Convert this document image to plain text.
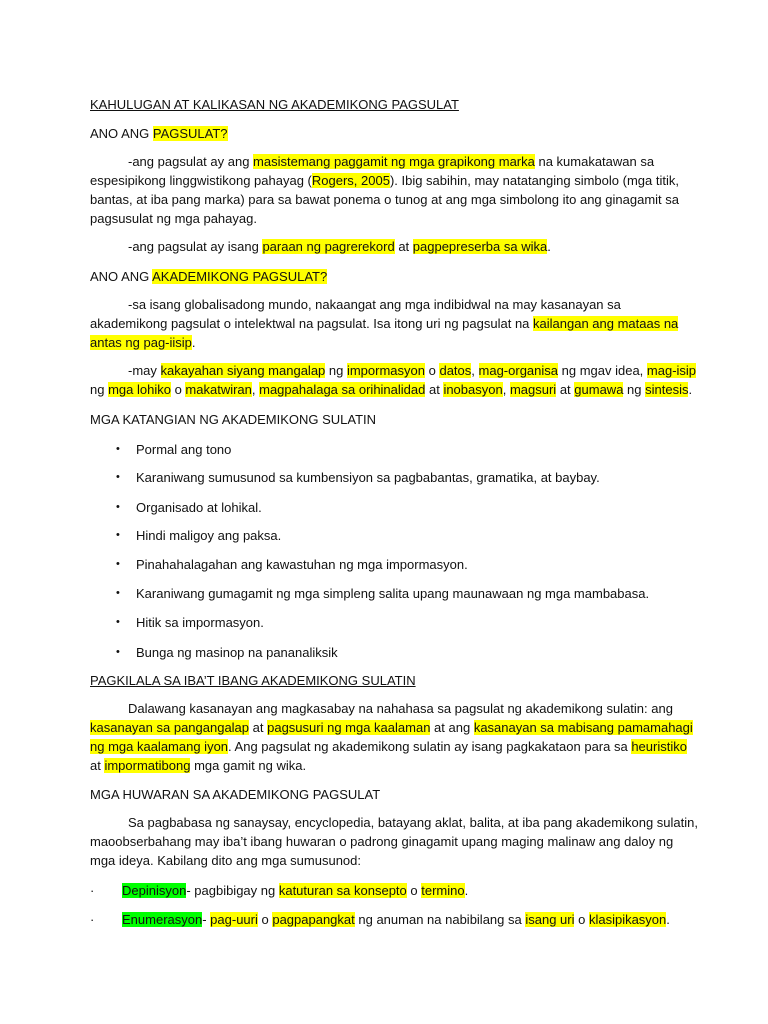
KAHULUGAN AT KALIKASAN NG AKADEMIKONG PAGSULAT
ANO ANG PAGSULAT?
-ang pagsulat ay ang masistemang paggamit ng mga grapikong marka na kumakatawan sa espesipikong linggwistikong pahayag (Rogers, 2005). Ibig sabihin, may natatanging simbolo (mga titik, bantas, at iba pang marka) para sa bawat ponema o tunog at ang mga simbolong ito ang ginagamit sa pagsusulat ng mga pahayag.
-ang pagsulat ay isang paraan ng pagrerekord at pagpepreserba sa wika.
ANO ANG AKADEMIKONG PAGSULAT?
-sa isang globalisadong mundo, nakaangat ang mga indibidwal na may kasanayan sa akademikong pagsulat o intelektwal na pagsulat. Isa itong uri ng pagsulat na kailangan ang mataas na antas ng pag-iisip.
-may kakayahan siyang mangalap ng impormasyon o datos, mag-organisa ng mgav idea, mag-isip ng mga lohiko o makatwiran, magpahalaga sa orihinalidad at inobasyon, magsuri at gumawa ng sintesis.
MGA KATANGIAN NG AKADEMIKONG SULATIN
• Pormal ang tono
• Karaniwang sumusunod sa kumbensiyon sa pagbabantas, gramatika, at baybay.
• Organisado at lohikal.
• Hindi maligoy ang paksa.
• Pinahahalagahan ang kawastuhan ng mga impormasyon.
• Karaniwang gumagamit ng mga simpleng salita upang maunawaan ng mga mambabasa.
• Hitik sa impormasyon.
• Bunga ng masinop na pananaliksik
PAGKILALA SA IBA’T IBANG AKADEMIKONG SULATIN
Dalawang kasanayan ang magkasabay na nahahasa sa pagsulat ng akademikong sulatin: ang kasanayan sa pangangalap at pagsusuri ng mga kaalaman at ang kasanayan sa mabisang pamamahagi ng mga kaalamang iyon. Ang pagsulat ng akademikong sulatin ay isang pagkakataon para sa heuristiko at impormatibong mga gamit ng wika.
MGA HUWARAN SA AKADEMIKONG PAGSULAT
Sa pagbabasa ng sanaysay, encyclopedia, batayang aklat, balita, at iba pang akademikong sulatin, maoobserbahang may iba’t ibang huwaran o padrong ginagamit upang maging malinaw ang daloy ng mga ideya. Kabilang dito ang mga sumusunod:
· Depinisyon- pagbibigay ng katuturan sa konsepto o termino.
· Enumerasyon- pag-uuri o pagpapangkat ng anuman na nabibilang sa isang uri o klasipikasyon.
